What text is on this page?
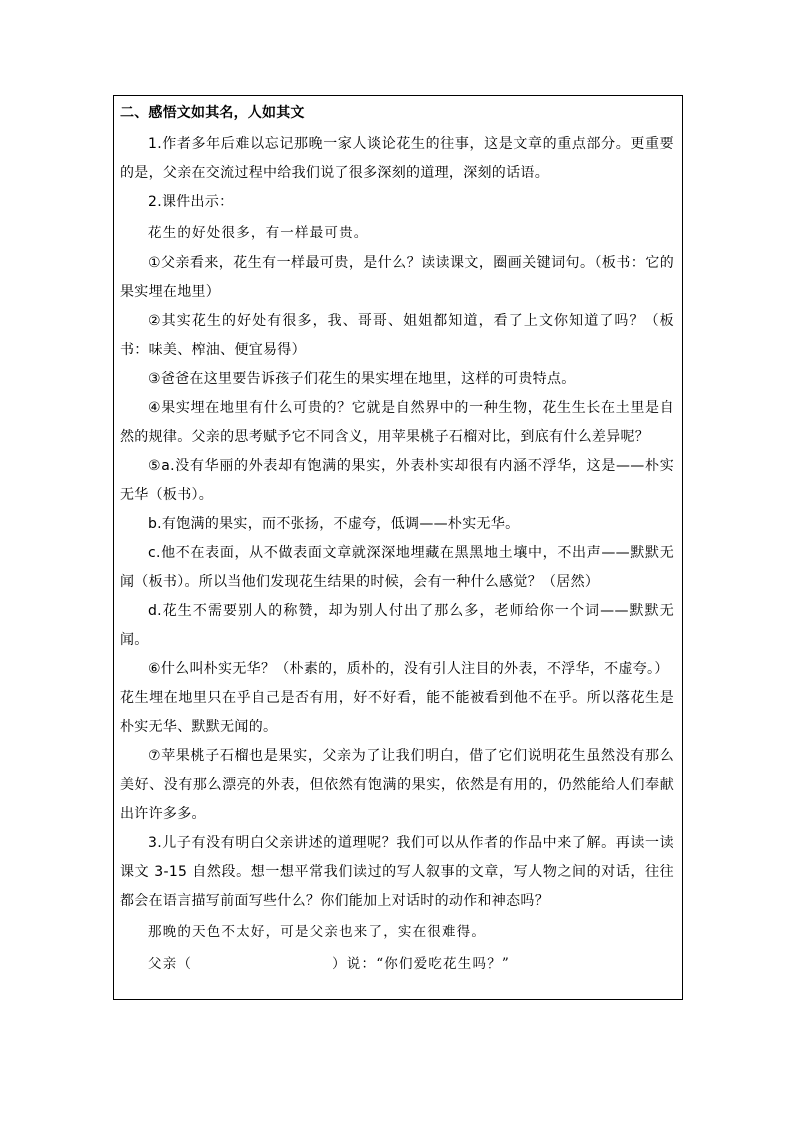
二、感悟文如其名，人如其文

1.作者多年后难以忘记那晚一家人谈论花生的往事，这是文章的重点部分。更重要的是，父亲在交流过程中给我们说了很多深刻的道理，深刻的话语。

2.课件出示：

花生的好处很多，有一样最可贵。

①父亲看来，花生有一样最可贵，是什么？读读课文，圈画关键词句。（板书：它的果实埋在地里）

②其实花生的好处有很多，我、哥哥、姐姐都知道，看了上文你知道了吗？（板书：味美、榨油、便宜易得）

③爸爸在这里要告诉孩子们花生的果实埋在地里，这样的可贵特点。

④果实埋在地里有什么可贵的？它就是自然界中的一种生物，花生生长在土里是自然的规律。父亲的思考赋予它不同含义，用苹果桃子石榴对比，到底有什么差异呢？

⑤a.没有华丽的外表却有饱满的果实，外表朴实却很有内涵不浮华，这是——朴实无华（板书）。

b.有饱满的果实，而不张扬，不虚夸，低调——朴实无华。

c.他不在表面，从不做表面文章就深深地埋藏在黑黑地土壤中，不出声——默默无闻（板书）。所以当他们发现花生结果的时候，会有一种什么感觉？（居然）

d.花生不需要别人的称赞，却为别人付出了那么多，老师给你一个词——默默无闻。

⑥什么叫朴实无华？（朴素的，质朴的，没有引人注目的外表，不浮华，不虚夸。）

花生埋在地里只在乎自己是否有用，好不好看，能不能被看到他不在乎。所以落花生是朴实无华、默默无闻的。

⑦苹果桃子石榴也是果实，父亲为了让我们明白，借了它们说明花生虽然没有那么美好、没有那么漂亮的外表，但依然有饱满的果实，依然是有用的，仍然能给人们奉献出许许多多。

3.儿子有没有明白父亲讲述的道理呢？我们可以从作者的作品中来了解。再读一读课文 3-15 自然段。想一想平常我们读过的写人叙事的文章，写人物之间的对话，往往都会在语言描写前面写些什么？你们能加上对话时的动作和神态吗？

那晚的天色不太好，可是父亲也来了，实在很难得。

父亲（	）说：“你们爱吃花生吗？”
